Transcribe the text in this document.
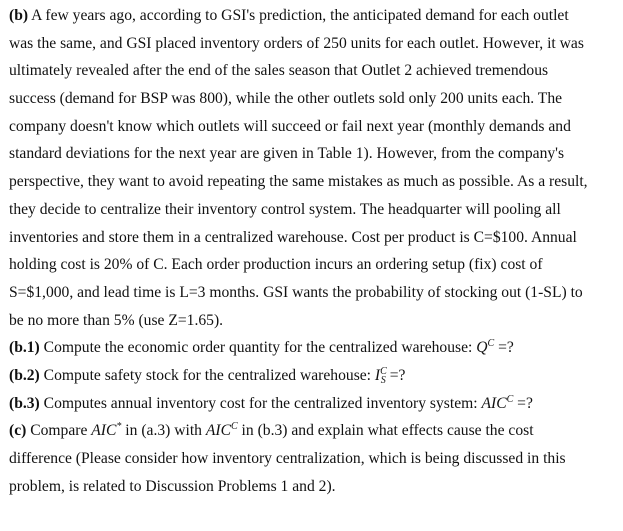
(b) A few years ago, according to GSI's prediction, the anticipated demand for each outlet
was the same, and GSI placed inventory orders of 250 units for each outlet. However, it was
ultimately revealed after the end of the sales season that Outlet 2 achieved tremendous
success (demand for BSP was 800), while the other outlets sold only 200 units each. The
company doesn't know which outlets will succeed or fail next year (monthly demands and
standard deviations for the next year are given in Table 1). However, from the company's
perspective, they want to avoid repeating the same mistakes as much as possible. As a result,
they decide to centralize their inventory control system. The headquarter will pooling all
inventories and store them in a centralized warehouse. Cost per product is C=$100. Annual
holding cost is 20% of C. Each order production incurs an ordering setup (fix) cost of
S=$1,000, and lead time is L=3 months. GSI wants the probability of stocking out (1-SL) to
be no more than 5% (use Z=1.65).
(b.1) Compute the economic order quantity for the centralized warehouse: $Q^C$ =?
(b.2) Compute safety stock for the centralized warehouse: $I^C_S$ =?
(b.3) Computes annual inventory cost for the centralized inventory system: $AIC^C$ =?
(c) Compare AIC* in (a.3) with $AIC^C$ in (b.3) and explain what effects cause the cost
difference (Please consider how inventory centralization, which is being discussed in this
problem, is related to Discussion Problems 1 and 2).
